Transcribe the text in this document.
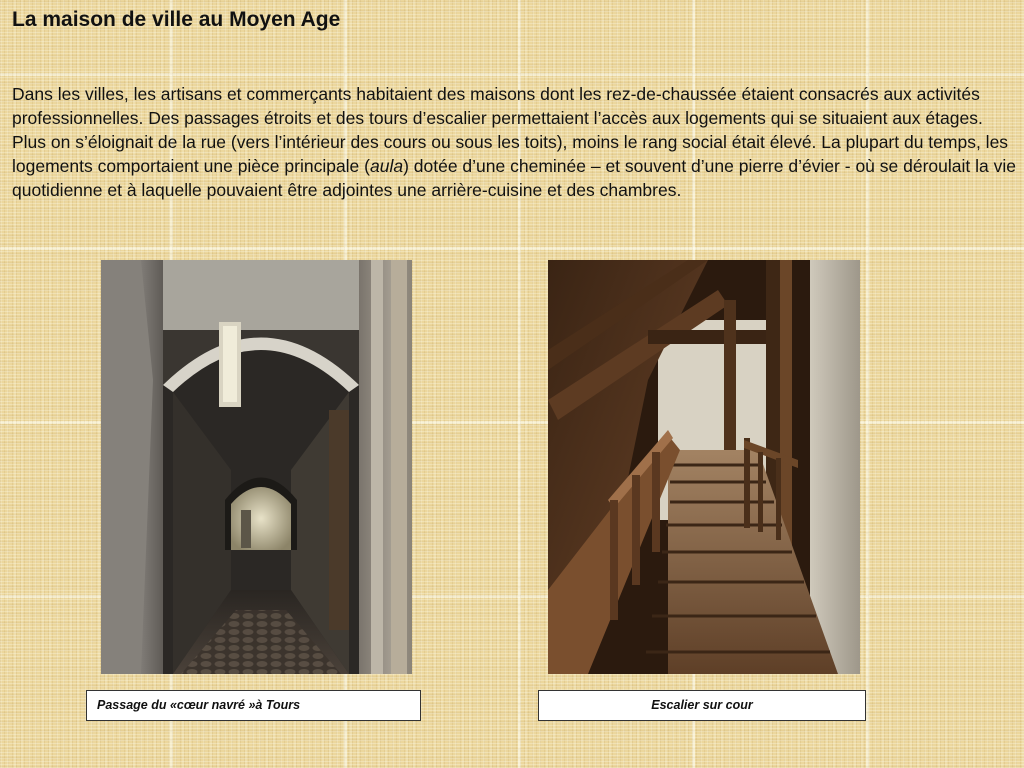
La maison de ville au Moyen Age

Dans les villes, les artisans et commerçants habitaient des maisons dont les rez-de-chaussée étaient consacrés aux activités professionnelles. Des passages étroits et des tours d’escalier permettaient l’accès aux logements qui se situaient aux étages. Plus on s’éloignait de la rue (vers l’intérieur des cours ou sous les toits), moins le rang social était élevé. La plupart du temps, les logements comportaient une pièce principale (aula) dotée d’une cheminée – et souvent d’une pierre d’évier - où se déroulait la vie quotidienne et à laquelle pouvaient être adjointes une arrière-cuisine et des chambres.

Passage du «cœur navré »à Tours	Escalier sur cour
